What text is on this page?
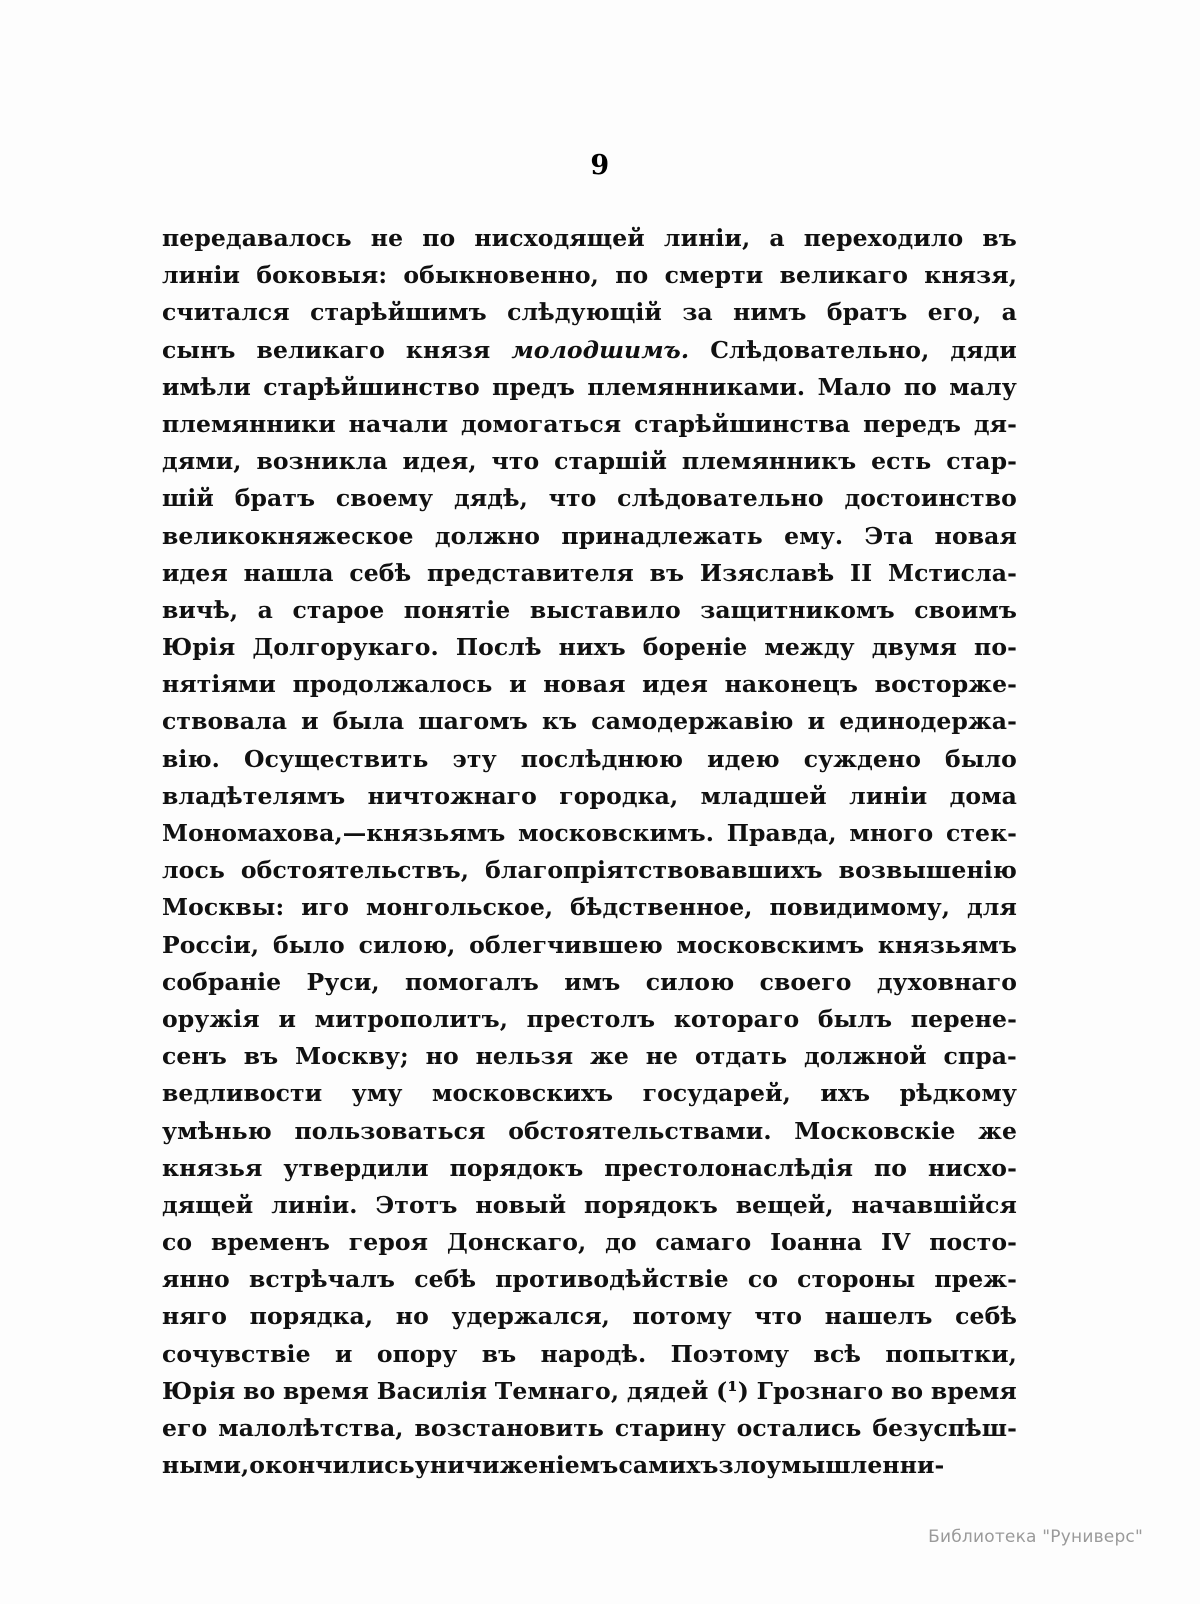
9
передавалось не по нисходящей линіи, а переходило въ
линіи боковыя: обыкновенно, по смерти великаго князя,
считался старѣйшимъ слѣдующій за нимъ братъ его, а
сынъ великаго князя молодшимъ. Слѣдовательно, дяди
имѣли старѣйшинство предъ племянниками. Мало по малу
племянники начали домогаться старѣйшинства передъ дя-
дями, возникла идея, что старшій племянникъ есть стар-
шій братъ своему дядѣ, что слѣдовательно достоинство
великокняжеское должно принадлежать ему. Эта новая
идея нашла себѣ представителя въ Изяславѣ II Мстисла-
вичѣ, а старое понятіе выставило защитникомъ своимъ
Юрія Долгорукаго. Послѣ нихъ бореніе между двумя по-
нятіями продолжалось и новая идея наконецъ восторже-
ствовала и была шагомъ къ самодержавію и единодержа-
вію. Осуществить эту послѣднюю идею суждено было
владѣтелямъ ничтожнаго городка, младшей линіи дома
Мономахова,—князьямъ московскимъ. Правда, много стек-
лось обстоятельствъ, благопріятствовавшихъ возвышенію
Москвы: иго монгольское, бѣдственное, повидимому, для
Россіи, было силою, облегчившею московскимъ князьямъ
собраніе Руси, помогалъ имъ силою своего духовнаго
оружія и митрополитъ, престолъ котораго былъ перене-
сенъ въ Москву; но нельзя же не отдать должной спра-
ведливости уму московскихъ государей, ихъ рѣдкому
умѣнью пользоваться обстоятельствами. Московскіе же
князья утвердили порядокъ престолонаслѣдія по нисхо-
дящей линіи. Этотъ новый порядокъ вещей, начавшійся
со временъ героя Донскаго, до самаго Іоанна IV посто-
янно встрѣчалъ себѣ противодѣйствіе со стороны преж-
няго порядка, но удержался, потому что нашелъ себѣ
сочувствіе и опору въ народѣ. Поэтому всѣ попытки,
Юрія во время Василія Темнаго, дядей (¹) Грознаго во время
его малолѣтства, возстановить старину остались безуспѣш-
ными, окончились уничиженіемъ самихъ злоумышленни-
Библиотека "Руниверс"
